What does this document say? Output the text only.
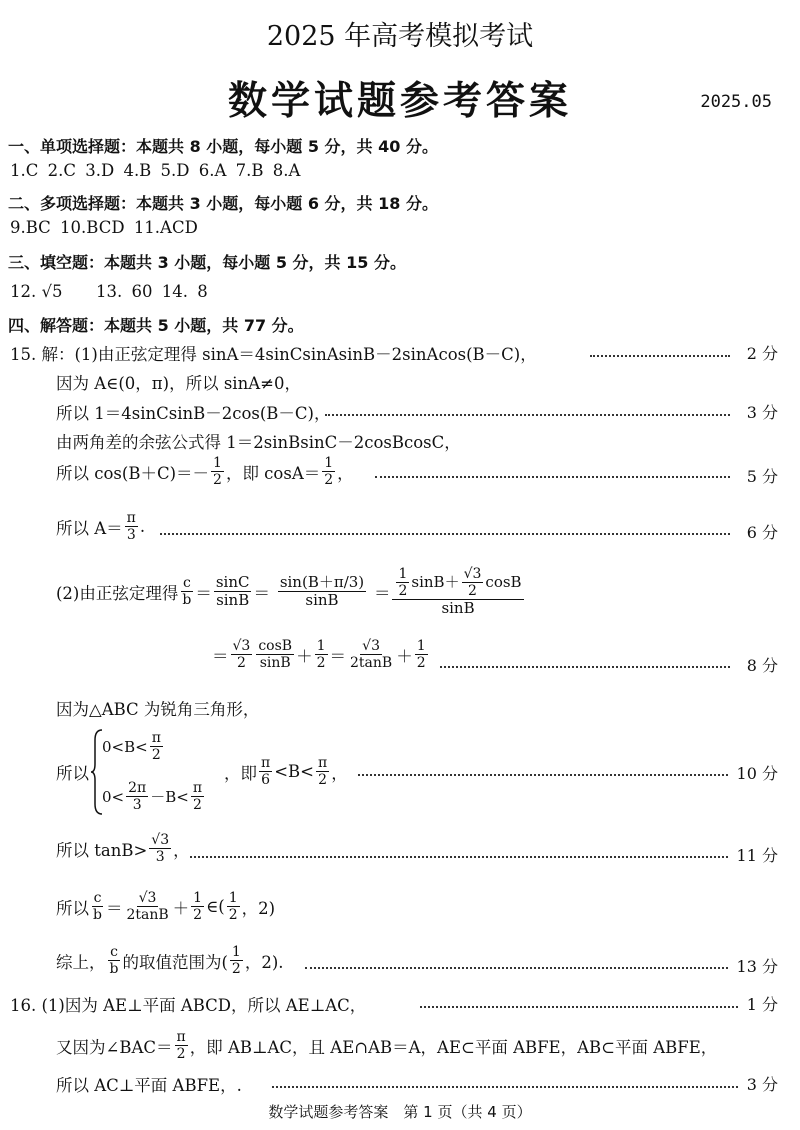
2025 年高考模拟考试
数学试题参考答案	2025.05
一、单项选择题：本题共 8 小题，每小题 5 分，共 40 分。
1.C 2.C 3.D 4.B 5.D 6.A 7.B 8.A
二、多项选择题：本题共 3 小题，每小题 6 分，共 18 分。
9.BC 10.BCD 11.ACD
三、填空题：本题共 3 小题，每小题 5 分，共 15 分。
12. √5 13. 60 14. 8
四、解答题：本题共 5 小题，共 77 分。
15. 解：(1)由正弦定理得 sinA＝4sinCsinAsinB－2sinAcos(B－C)，	2 分
因为 A∈(0，π)，所以 sinA≠0，
所以 1＝4sinCsinB－2cos(B－C)，	3 分
由两角差的余弦公式得 1＝2sinBsinC－2cosBcosC，
所以 $\cos(B+C)=- \frac{1}{2}$ ，即 $\cos A= \frac{1}{2}$ ，	5 分
所以 $A= \frac{\pi}{3}$ .	6 分
(2)由正弦定理得 $\frac{c}{b} = \frac{\sin C}{\sin B} = \frac{\sin(B+\pi/3)}{\sin B} = \frac{\frac{1}{2} \sin B+ \frac{√3}{2} \cos B}{\sin B}$
＝ $\frac{√3}{2} \frac{\cos B}{\sin B} + \frac{1}{2} = \frac{√3}{2\tan B} + \frac{1}{2}$	8 分
因为△ABC 为锐角三角形，
所以
$0<B< \frac{\pi}{2}$
$0< \frac{2\pi}{3} -B< \frac{\pi}{2}$
，即 $\frac{\pi}{6} <B< \frac{\pi}{2}$ ，	10 分
所以 $\tan B> \frac{√3}{3}$ ，	11 分
所以 $\frac{c}{b} = \frac{√3}{2\tan B} + \frac{1}{2}$ ∈( $\frac{1}{2}$ ，2)
综上， $\frac{c}{b}$ 的取值范围为( $\frac{1}{2}$ ，2).	13 分
16. (1)因为 AE⊥平面 ABCD，所以 AE⊥AC，	1 分
又因为∠BAC＝ $\frac{\pi}{2}$ ，即 AB⊥AC，且 AE∩AB＝A，AE⊂平面 ABFE，AB⊂平面 ABFE，
所以 AC⊥平面 ABFE，.	3 分
数学试题参考答案　第 1 页（共 4 页）
